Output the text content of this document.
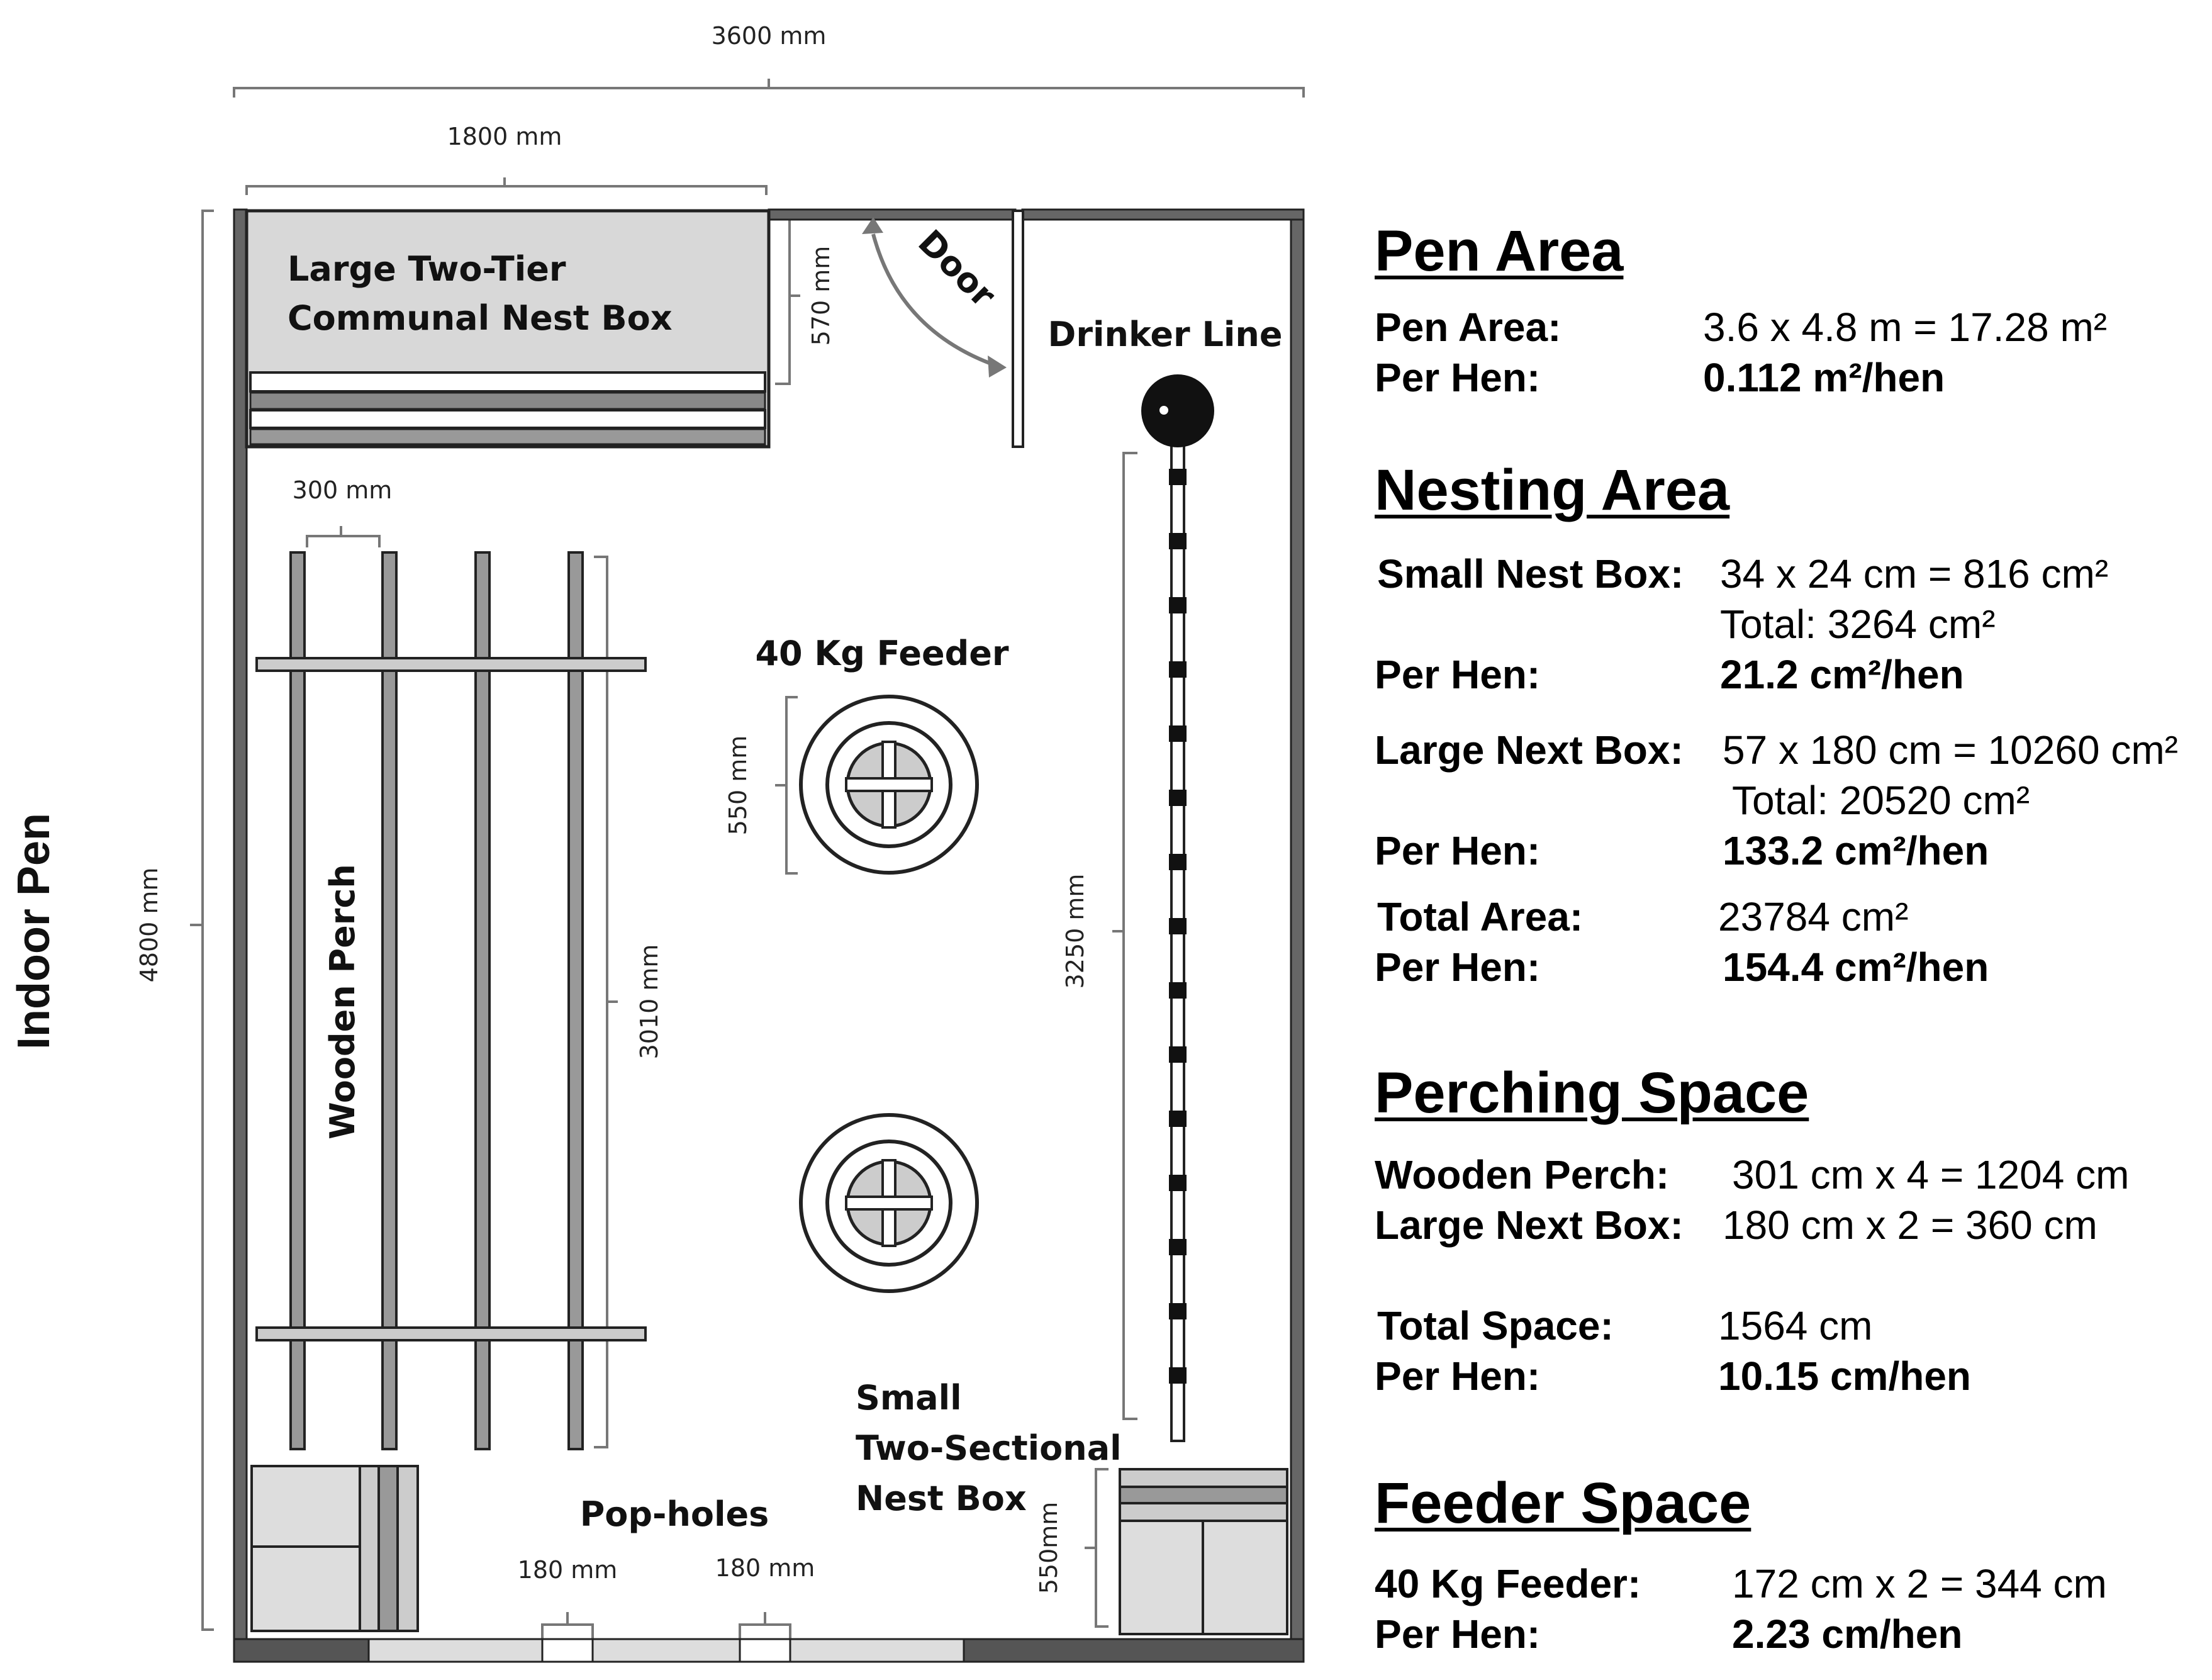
Indoor Pen
3600 mm
1800 mm
4800 mm
570 mm
300 mm
3010 mm
550 mm
3250 mm
550mm
180 mm	180 mm
Door
Large Two-Tier
Communal Nest Box
Wooden Perch
40 Kg Feeder
Drinker Line
Small
Two-Sectional
Nest Box
Pop-holes
Pen Area
Pen Area:	3.6 x 4.8 m = 17.28 m²
Per Hen:	0.112 m²/hen
Nesting Area
Small Nest Box: 34 x 24 cm = 816 cm²
Total: 3264 cm²
Per Hen:	21.2 cm²/hen
Large Next Box: 57 x 180 cm = 10260 cm²
Total: 20520 cm²
Per Hen:	133.2 cm²/hen
Total Area:	23784 cm²
Per Hen:	154.4 cm²/hen
Perching Space
Wooden Perch: 301 cm x 4 = 1204 cm
Large Next Box: 180 cm x 2 = 360 cm
Total Space:	1564 cm
Per Hen:	10.15 cm/hen
Feeder Space
40 Kg Feeder: 172 cm x 2 = 344 cm
Per Hen:	2.23 cm/hen
